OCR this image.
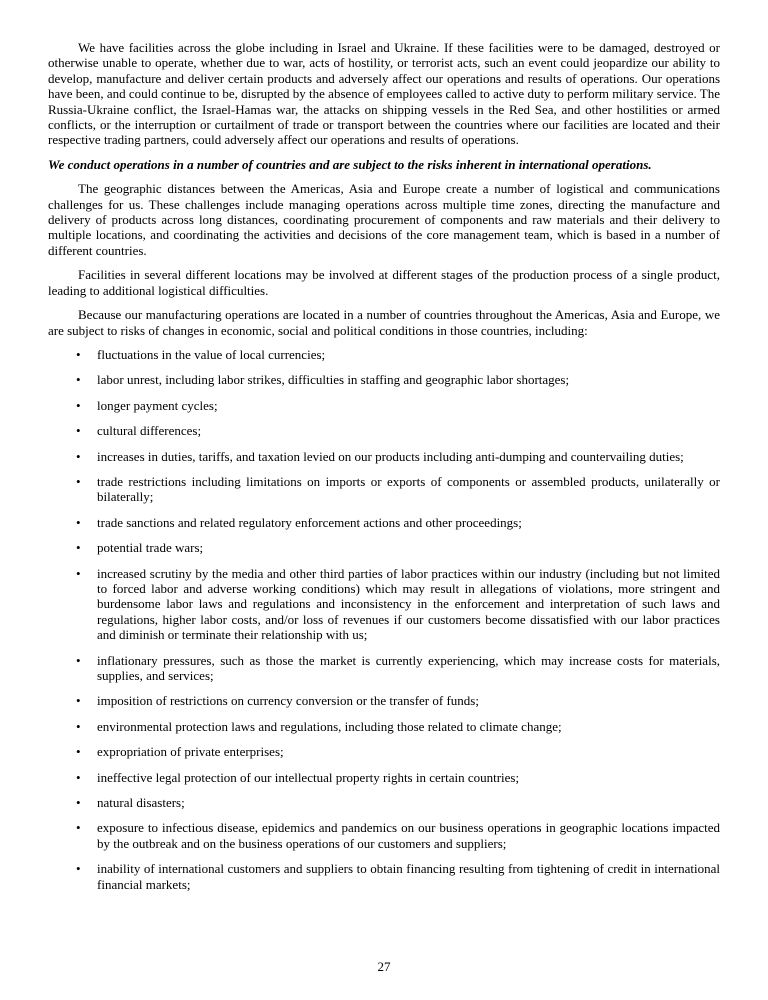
We have facilities across the globe including in Israel and Ukraine. If these facilities were to be damaged, destroyed or otherwise unable to operate, whether due to war, acts of hostility, or terrorist acts, such an event could jeopardize our ability to develop, manufacture and deliver certain products and adversely affect our operations and results of operations. Our operations have been, and could continue to be, disrupted by the absence of employees called to active duty to perform military service. The Russia-Ukraine conflict, the Israel-Hamas war, the attacks on shipping vessels in the Red Sea, and other hostilities or armed conflicts, or the interruption or curtailment of trade or transport between the countries where our facilities are located and their respective trading partners, could adversely affect our operations and results of operations.

We conduct operations in a number of countries and are subject to the risks inherent in international operations.

The geographic distances between the Americas, Asia and Europe create a number of logistical and communications challenges for us. These challenges include managing operations across multiple time zones, directing the manufacture and delivery of products across long distances, coordinating procurement of components and raw materials and their delivery to multiple locations, and coordinating the activities and decisions of the core management team, which is based in a number of different countries.

Facilities in several different locations may be involved at different stages of the production process of a single product, leading to additional logistical difficulties.

Because our manufacturing operations are located in a number of countries throughout the Americas, Asia and Europe, we are subject to risks of changes in economic, social and political conditions in those countries, including:

•	fluctuations in the value of local currencies;
•	labor unrest, including labor strikes, difficulties in staffing and geographic labor shortages;
•	longer payment cycles;
•	cultural differences;
•	increases in duties, tariffs, and taxation levied on our products including anti-dumping and countervailing duties;
•	trade restrictions including limitations on imports or exports of components or assembled products, unilaterally or bilaterally;
•	trade sanctions and related regulatory enforcement actions and other proceedings;
•	potential trade wars;
•	increased scrutiny by the media and other third parties of labor practices within our industry (including but not limited to forced labor and adverse working conditions) which may result in allegations of violations, more stringent and burdensome labor laws and regulations and inconsistency in the enforcement and interpretation of such laws and regulations, higher labor costs, and/or loss of revenues if our customers become dissatisfied with our labor practices and diminish or terminate their relationship with us;
•	inflationary pressures, such as those the market is currently experiencing, which may increase costs for materials, supplies, and services;
•	imposition of restrictions on currency conversion or the transfer of funds;
•	environmental protection laws and regulations, including those related to climate change;
•	expropriation of private enterprises;
•	ineffective legal protection of our intellectual property rights in certain countries;
•	natural disasters;
•	exposure to infectious disease, epidemics and pandemics on our business operations in geographic locations impacted by the outbreak and on the business operations of our customers and suppliers;
•	inability of international customers and suppliers to obtain financing resulting from tightening of credit in international financial markets;
27
